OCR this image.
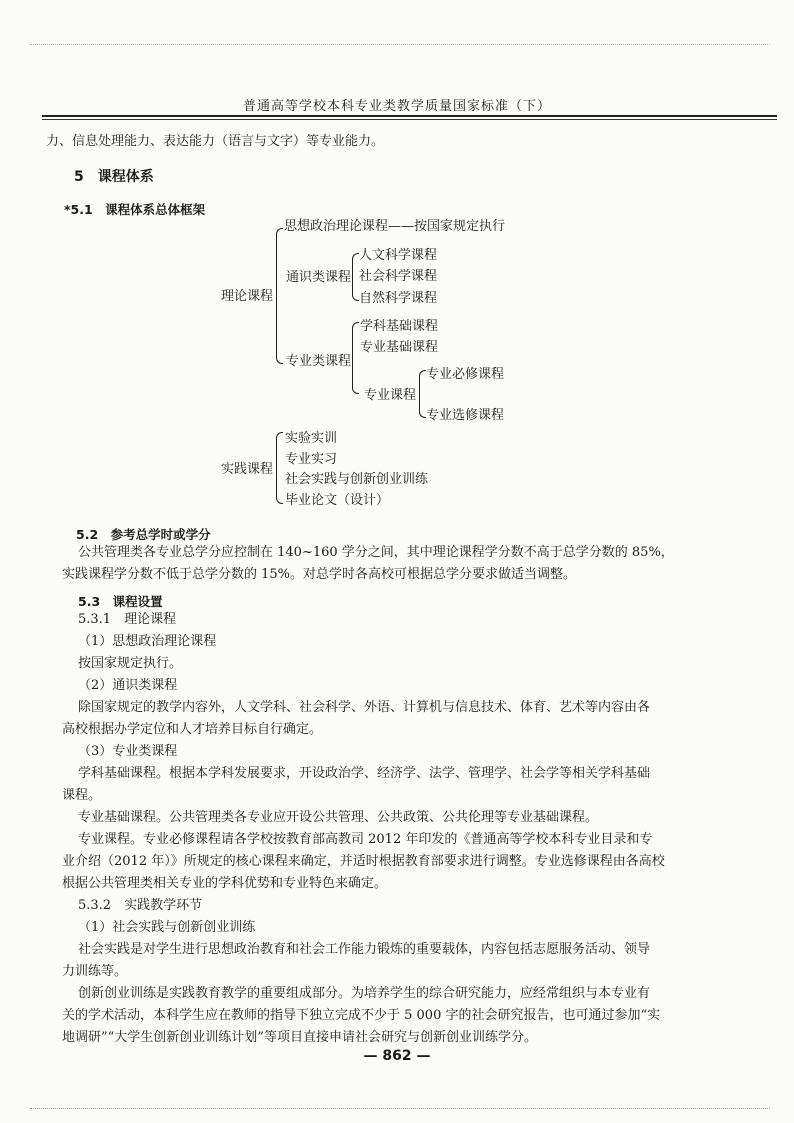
普通高等学校本科专业类教学质量国家标准（下）
力、信息处理能力、表达能力（语言与文字）等专业能力。
5　课程体系
*5.1　课程体系总体框架
理论课程
思想政治理论课程——按国家规定执行
通识类课程
人文科学课程
社会科学课程
自然科学课程
专业类课程
学科基础课程
专业基础课程
专业课程
专业必修课程
专业选修课程
实践课程
实验实训
专业实习
社会实践与创新创业训练
毕业论文（设计）
5.2　参考总学时或学分
公共管理类各专业总学分应控制在 140~160 学分之间，其中理论课程学分数不高于总学分数的 85%，
实践课程学分数不低于总学分数的 15%。对总学时各高校可根据总学分要求做适当调整。
5.3　课程设置
5.3.1　理论课程
（1）思想政治理论课程
按国家规定执行。
（2）通识类课程
除国家规定的教学内容外，人文学科、社会科学、外语、计算机与信息技术、体育、艺术等内容由各
高校根据办学定位和人才培养目标自行确定。
（3）专业类课程
学科基础课程。根据本学科发展要求，开设政治学、经济学、法学、管理学、社会学等相关学科基础
课程。
专业基础课程。公共管理类各专业应开设公共管理、公共政策、公共伦理等专业基础课程。
专业课程。专业必修课程请各学校按教育部高教司 2012 年印发的《普通高等学校本科专业目录和专
业介绍（2012 年）》所规定的核心课程来确定，并适时根据教育部要求进行调整。专业选修课程由各高校
根据公共管理类相关专业的学科优势和专业特色来确定。
5.3.2　实践教学环节
（1）社会实践与创新创业训练
社会实践是对学生进行思想政治教育和社会工作能力锻炼的重要载体，内容包括志愿服务活动、领导
力训练等。
创新创业训练是实践教育教学的重要组成部分。为培养学生的综合研究能力，应经常组织与本专业有
关的学术活动，本科学生应在教师的指导下独立完成不少于 5 000 字的社会研究报告，也可通过参加“实
地调研”“大学生创新创业训练计划”等项目直接申请社会研究与创新创业训练学分。
— 862 —
